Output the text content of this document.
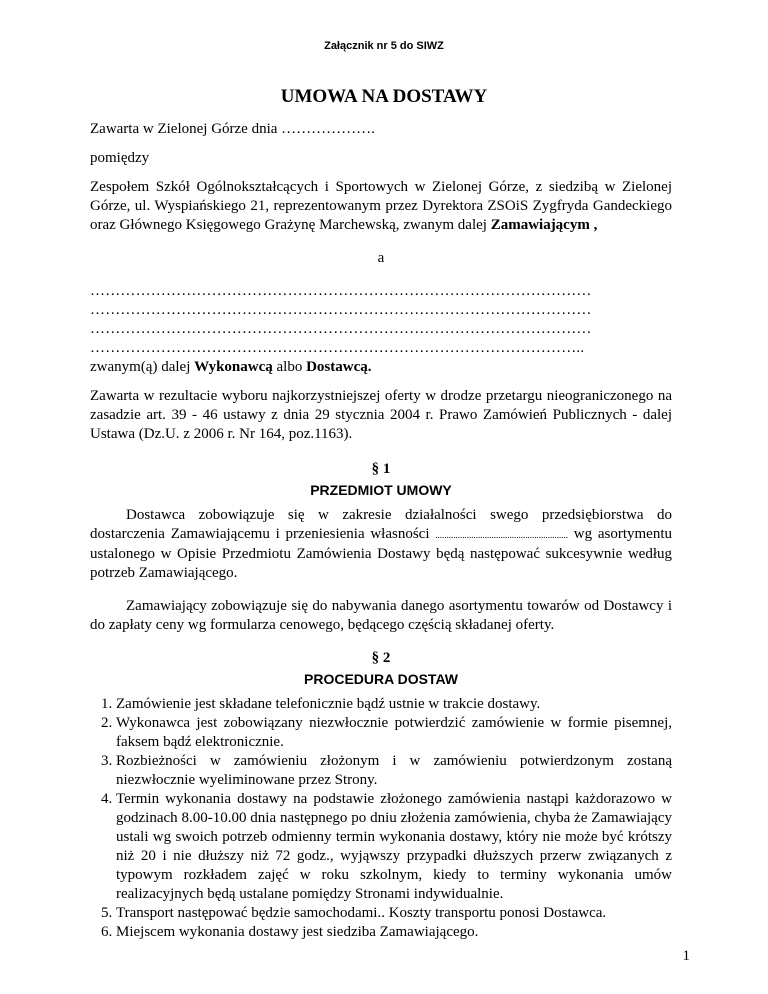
Załącznik nr 5 do SIWZ
UMOWA NA DOSTAWY

Zawarta w Zielonej Górze dnia ……………….

pomiędzy

Zespołem Szkół Ogólnokształcących i Sportowych w Zielonej Górze, z siedzibą w Zielonej Górze, ul. Wyspiańskiego 21, reprezentowanym przez Dyrektora ZSOiS Zygfryda Gandeckiego oraz Głównego Księgowego Grażynę Marchewską, zwanym dalej Zamawiającym ,

a

………………………………………………………………………………………
………………………………………………………………………………………
………………………………………………………………………………………
……………………………………………………………………………………..

zwanym(ą) dalej Wykonawcą albo Dostawcą.

Zawarta w rezultacie wyboru najkorzystniejszej oferty w drodze przetargu nieograniczonego na zasadzie art. 39 - 46 ustawy z dnia 29 stycznia 2004 r. Prawo Zamówień Publicznych - dalej Ustawa (Dz.U. z 2006 r. Nr 164, poz.1163).

§ 1
PRZEDMIOT UMOWY

Dostawca zobowiązuje się w zakresie działalności swego przedsiębiorstwa do dostarczenia Zamawiającemu i przeniesienia własności ........................................................... wg asortymentu ustalonego w Opisie Przedmiotu Zamówienia Dostawy będą następować sukcesywnie według potrzeb Zamawiającego.

Zamawiający zobowiązuje się do nabywania danego asortymentu towarów od Dostawcy i do zapłaty ceny wg formularza cenowego, będącego częścią składanej oferty.

§ 2
PROCEDURA DOSTAW
1. Zamówienie jest składane telefonicznie bądź ustnie w trakcie dostawy.
2. Wykonawca jest zobowiązany niezwłocznie potwierdzić zamówienie w formie pisemnej, faksem bądź elektronicznie.
3. Rozbieżności w zamówieniu złożonym i w zamówieniu potwierdzonym zostaną niezwłocznie wyeliminowane przez Strony.
4. Termin wykonania dostawy na podstawie złożonego zamówienia nastąpi każdorazowo w godzinach 8.00-10.00 dnia następnego po dniu złożenia zamówienia, chyba że Zamawiający ustali wg swoich potrzeb odmienny termin wykonania dostawy, który nie może być krótszy niż 20 i nie dłuższy niż 72 godz., wyjąwszy przypadki dłuższych przerw związanych z typowym rozkładem zajęć w roku szkolnym, kiedy to terminy wykonania umów realizacyjnych będą ustalane pomiędzy Stronami indywidualnie.
5. Transport następować będzie samochodami.. Koszty transportu ponosi Dostawca.
6. Miejscem wykonania dostawy jest siedziba Zamawiającego.
1
